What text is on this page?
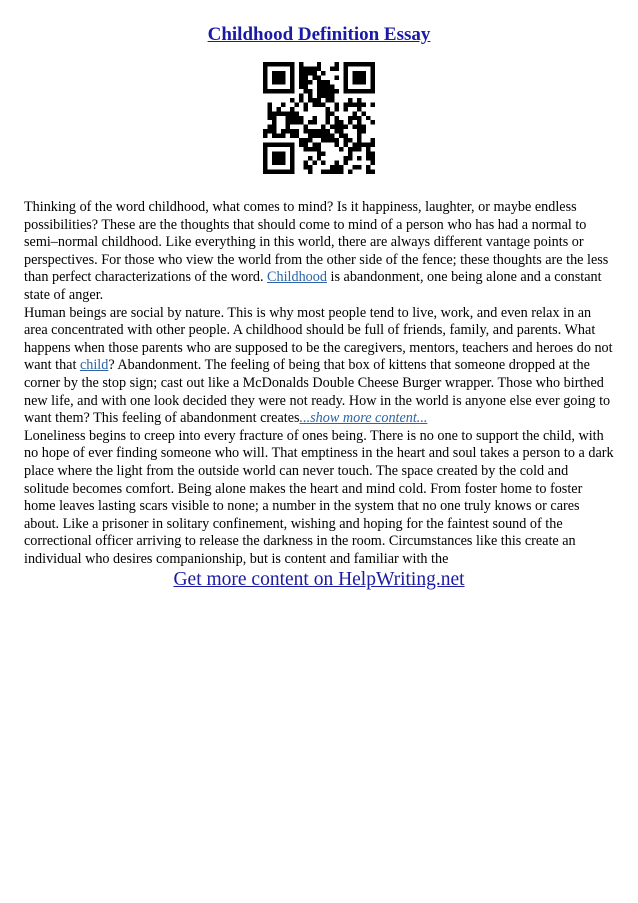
Childhood Definition Essay

Thinking of the word childhood, what comes to mind? Is it happiness, laughter, or maybe endless possibilities? These are the thoughts that should come to mind of a person who has had a normal to semi–normal childhood. Like everything in this world, there are always different vantage points or perspectives. For those who view the world from the other side of the fence; these thoughts are the less than perfect characterizations of the word. Childhood is abandonment, one being alone and a constant state of anger.

Human beings are social by nature. This is why most people tend to live, work, and even relax in an area concentrated with other people. A childhood should be full of friends, family, and parents. What happens when those parents who are supposed to be the caregivers, mentors, teachers and heroes do not want that child? Abandonment. The feeling of being that box of kittens that someone dropped at the corner by the stop sign; cast out like a McDonalds Double Cheese Burger wrapper. Those who birthed new life, and with one look decided they were not ready. How in the world is anyone else ever going to want them? This feeling of abandonment creates...show more content...

Loneliness begins to creep into every fracture of ones being. There is no one to support the child, with no hope of ever finding someone who will. That emptiness in the heart and soul takes a person to a dark place where the light from the outside world can never touch. The space created by the cold and solitude becomes comfort. Being alone makes the heart and mind cold. From foster home to foster home leaves lasting scars visible to none; a number in the system that no one truly knows or cares about. Like a prisoner in solitary confinement, wishing and hoping for the faintest sound of the correctional officer arriving to release the darkness in the room. Circumstances like this create an individual who desires companionship, but is content and familiar with the

Get more content on HelpWriting.net
